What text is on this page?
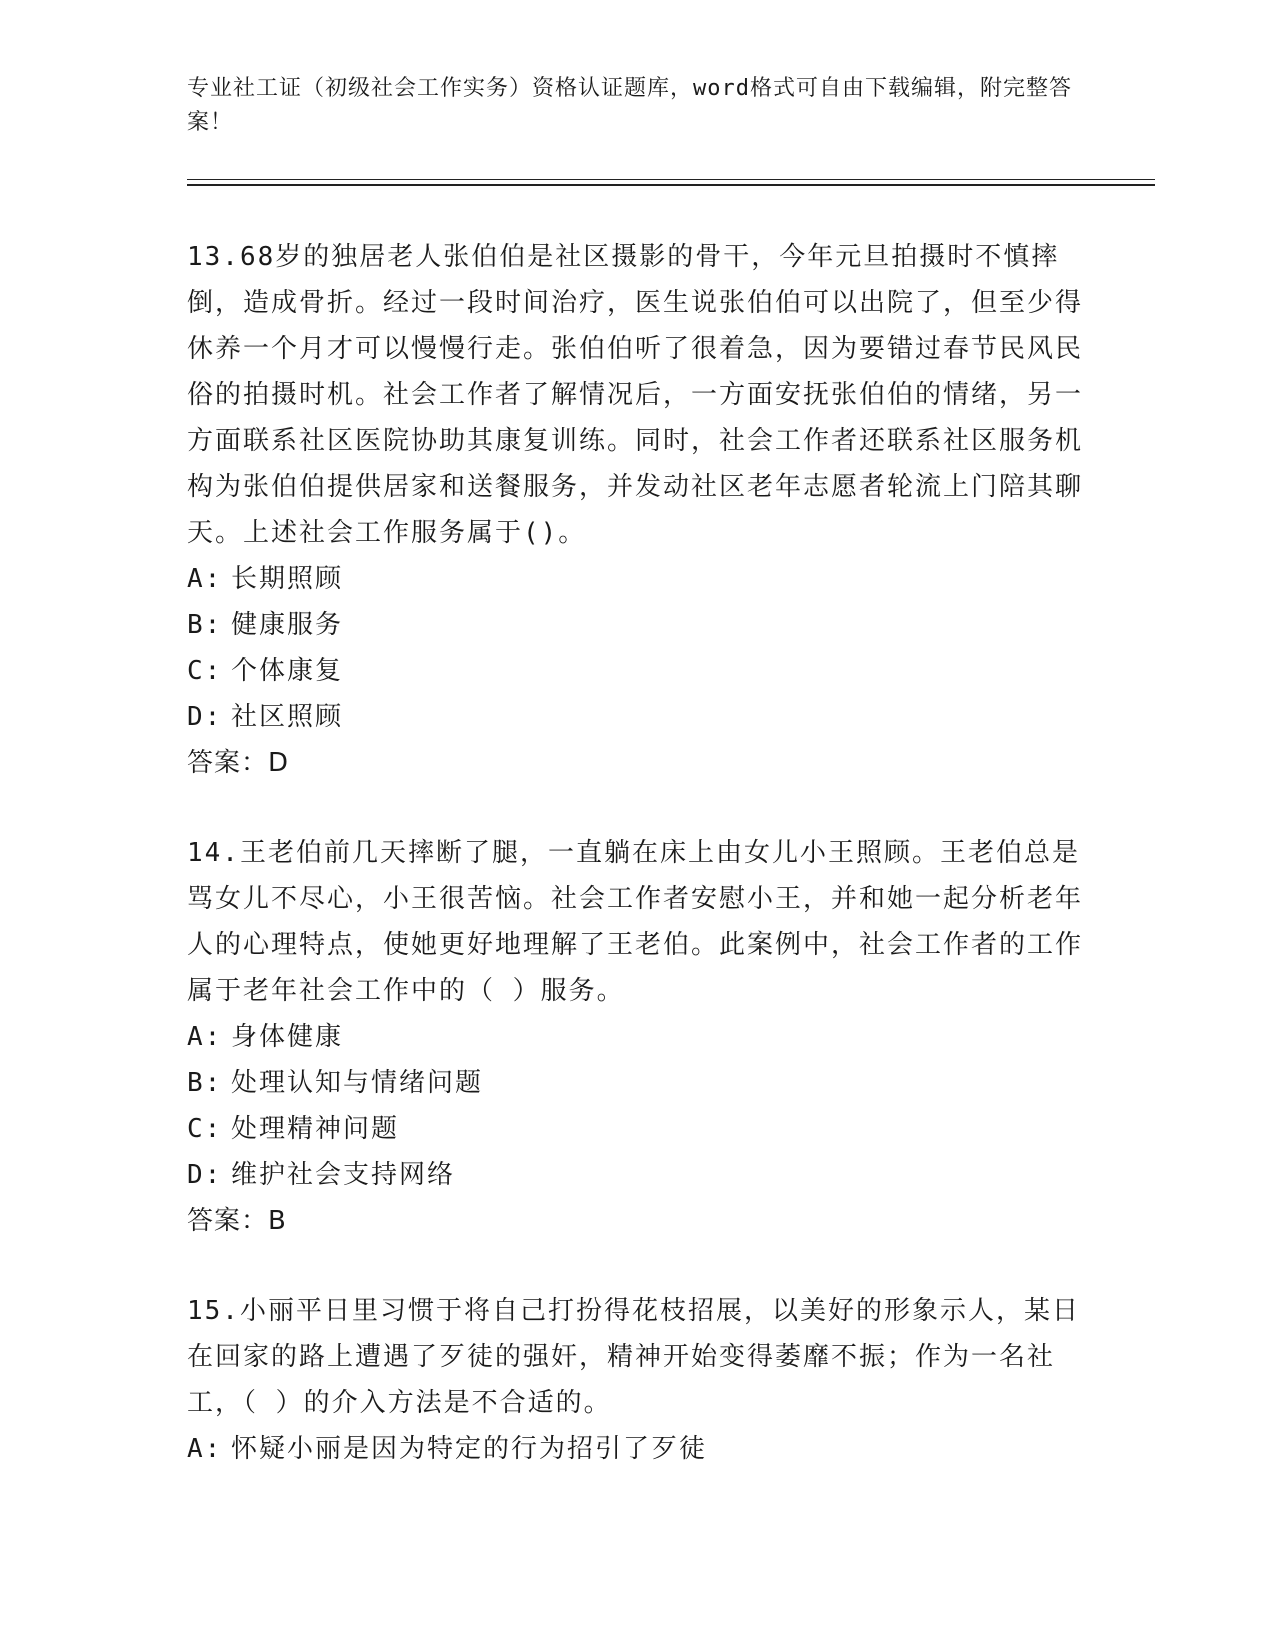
专业社工证（初级社会工作实务）资格认证题库，word格式可自由下载编辑，附完整答案！

13.68岁的独居老人张伯伯是社区摄影的骨干，今年元旦拍摄时不慎摔倒，造成骨折。经过一段时间治疗，医生说张伯伯可以出院了，但至少得休养一个月才可以慢慢行走。张伯伯听了很着急，因为要错过春节民风民俗的拍摄时机。社会工作者了解情况后，一方面安抚张伯伯的情绪，另一方面联系社区医院协助其康复训练。同时，社会工作者还联系社区服务机构为张伯伯提供居家和送餐服务，并发动社区老年志愿者轮流上门陪其聊天。上述社会工作服务属于()。

A: 长期照顾

B: 健康服务

C: 个体康复

D: 社区照顾

答案：D

14.王老伯前几天摔断了腿，一直躺在床上由女儿小王照顾。王老伯总是骂女儿不尽心，小王很苦恼。社会工作者安慰小王，并和她一起分析老年人的心理特点，使她更好地理解了王老伯。此案例中，社会工作者的工作属于老年社会工作中的（ ）服务。

A: 身体健康

B: 处理认知与情绪问题

C: 处理精神问题

D: 维护社会支持网络

答案：B

15.小丽平日里习惯于将自己打扮得花枝招展，以美好的形象示人，某日在回家的路上遭遇了歹徒的强奸，精神开始变得萎靡不振；作为一名社工，（ ）的介入方法是不合适的。

A: 怀疑小丽是因为特定的行为招引了歹徒
